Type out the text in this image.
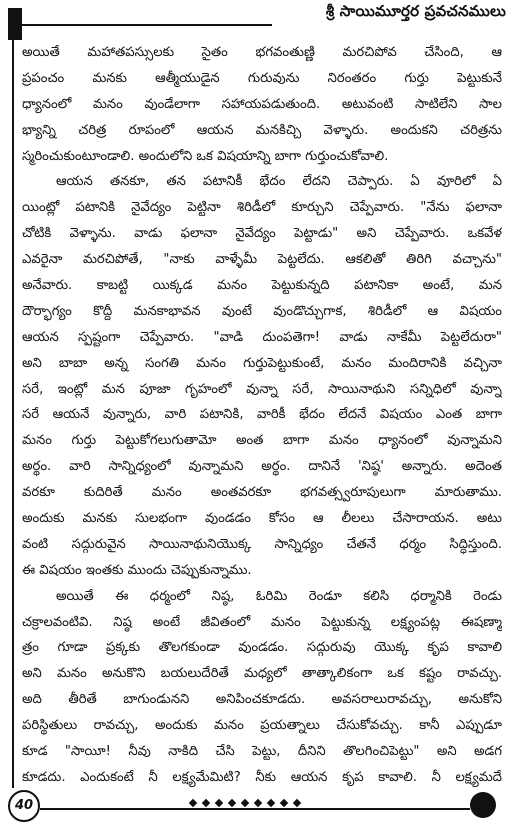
శ్రీ సాయిమూర్తర ప్రవచనములు
అయితే మహాతపస్సులకు సైతం భగవంతుణ్ణి మరచిపోవ చేసింది, ఆ
ప్రపంచం మనకు ఆత్మీయుడైన గురువును నిరంతరం గుర్తు పెట్టుకునే
ధ్యానంలో మనం వుండేలాగా సహాయపడుతుంది. అటువంటి సాటిలేని సాల
భ్యాన్ని చరిత్ర రూపంలో ఆయన మనకిచ్చి వెళ్ళారు. అందుకని చరిత్రను
స్మరించుకుంటూండాలి. అందులోని ఒక విషయాన్ని బాగా గుర్తుంచుకోవాలి.
ఆయన తనకూ, తన పటానికీ భేదం లేదని చెప్పారు. ఏ వూరిలో ఏ
యింట్లో పటానికి నైవేద్యం పెట్టినా శిరిడీలో కూర్చుని చెప్పేవారు. "నేను ఫలానా
చోటికి వెళ్ళాను. వాడు ఫలానా నైవేద్యం పెట్టాడు" అని చెప్పేవారు. ఒకవేళ
ఎవరైనా మరచిపోతే, "నాకు వాళ్ళేమీ పెట్టలేదు. ఆకలితో తిరిగి వచ్చాను"
అనేవారు. కాబట్టి యిక్కడ మనం పెట్టుకున్నది పటానికా అంటే, మన
దౌర్భాగ్యం కొద్దీ మనకాభావన వుంటే వుండొచ్చుగాక, శిరిడీలో ఆ విషయం
ఆయన స్పష్టంగా చెప్పేవారు. "వాడి దుంపతెగా! వాడు నాకేమీ పెట్టలేదురా"
అని బాబా అన్న సంగతి మనం గుర్తుపెట్టుకుంటే, మనం మందిరానికి వచ్చినా
సరే, ఇంట్లో మన పూజా గృహంలో వున్నా సరే, సాయినాథుని సన్నిధిలో వున్నా
సరే ఆయనే వున్నారు, వారి పటానికి, వారికీ భేదం లేదనే విషయం ఎంత బాగా
మనం గుర్తు పెట్టుకోగలుగుతామో అంత బాగా మనం ధ్యానంలో వున్నామని
అర్థం. వారి సాన్నిధ్యంలో వున్నామని అర్థం. దానినే 'నిష్ఠ' అన్నారు. అదెంత
వరకూ కుదిరితే మనం అంతవరకూ భగవత్స్వరూపులుగా మారుతాము.
అందుకు మనకు సులభంగా వుండడం కోసం ఆ లీలలు చేసారాయన. అటు
వంటి సద్గురువైన సాయినాథునియొక్క సాన్నిధ్యం చేతనే ధర్మం సిద్ధిస్తుంది.
ఈ విషయం ఇంతకు ముందు చెప్పుకున్నాము.
అయితే ఈ ధర్మంలో నిష్ఠ, ఓరిమి రెండూ కలిసి ధర్మానికి రెండు
చక్రాలవంటివి. నిష్ఠ అంటే జీవితంలో మనం పెట్టుకున్న లక్ష్యంపట్ల ఈషణ్మా
త్రం గూడా ప్రక్కకు తొలగకుండా వుండడం. సద్గురువు యొక్క కృప కావాలి
అని మనం అనుకొని బయలుదేరితే మధ్యలో తాత్కాలికంగా ఒక కష్టం రావచ్చు.
అది తీరితే బాగుండునని అనిపించకూడదు. అవసరాలురావచ్చు, అనుకోని
పరిస్థితులు రావచ్చు, అందుకు మనం ప్రయత్నాలు చేసుకోవచ్చు. కానీ ఎప్పుడూ
కూడ "సాయీ! నీవు నాకిది చేసి పెట్టు, దీనిని తొలగించిపెట్టు" అని అడగ
కూడదు. ఎందుకంటే నీ లక్ష్యమేమిటి? నీకు ఆయన కృప కావాలి. నీ లక్ష్యమదే
40
